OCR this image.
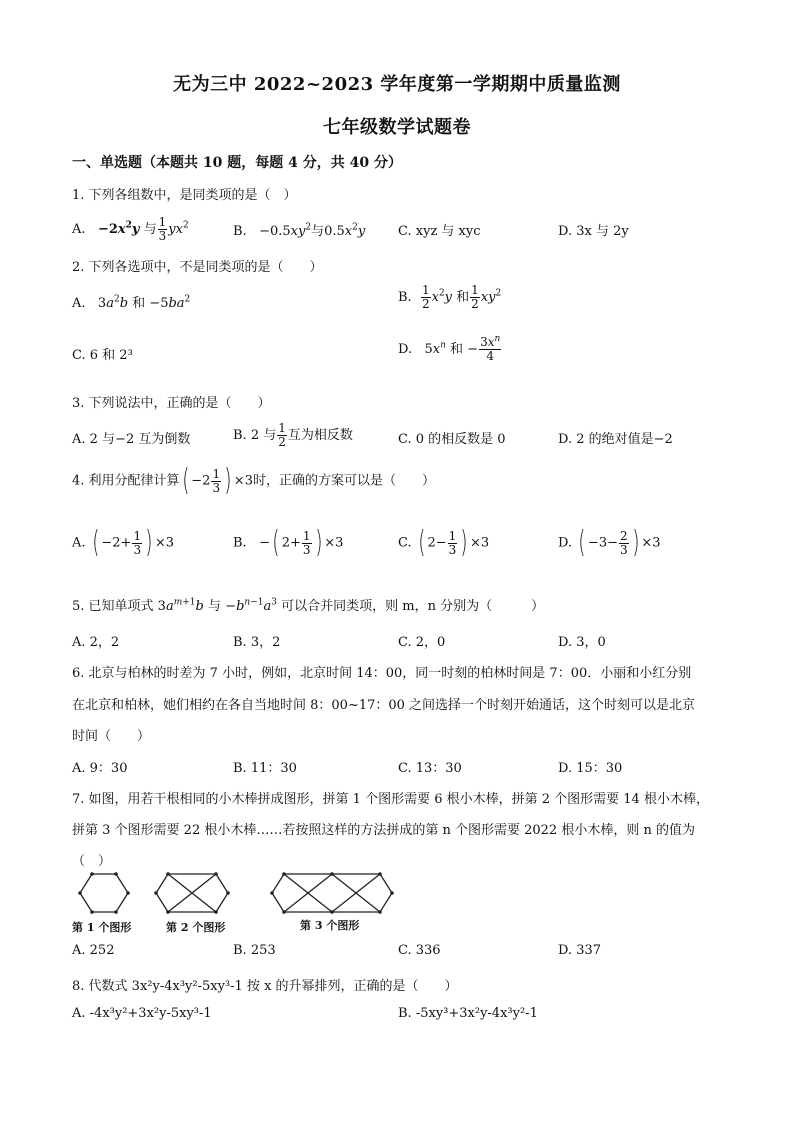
无为三中 2022~2023 学年度第一学期期中质量监测
七年级数学试题卷
一、单选题（本题共 10 题，每题 4 分，共 40 分）
1. 下列各组数中，是同类项的是（　）
A. $-2x^2y$ 与 $\frac{1}{3} yx^2$	B.   $-0.5xy^2$与$0.5x^2y$	C. xyz 与 xyc	D. 3x 与 2y
2. 下列各选项中，不是同类项的是（　　）
A.   $3a^2b$ 和 $-5ba^2$	B. $\frac{1}{2} x^2y$ 和 $\frac{1}{2} xy^2$
C. 6 和 2³	D.   $5x^n$ 和 − $\frac{3x^n}{4}$
3. 下列说法中，正确的是（　　）
A. 2 与−2 互为倒数	B. 2 与 $\frac{1}{2}$ 互为相反数	C. 0 的相反数是 0	D. 2 的绝对值是−2
4. 利用分配律计算( $-2 \frac{1}{3}$ ) ×3时，正确的方案可以是（　　）
A. ( $-2+ \frac{1}{3}$ ) ×3	B.   −( $2+ \frac{1}{3}$ ) ×3	C. ( $2- \frac{1}{3}$ ) ×3	D. ( $-3- \frac{2}{3}$ ) ×3
5. 已知单项式 $3a^{m+1}b$ 与 $-b^{n-1}a^3$ 可以合并同类项，则 m，n 分别为（　　　）
A. 2，2	B. 3，2	C. 2，0	D. 3，0
6. 北京与柏林的时差为 7 小时，例如，北京时间 14：00，同一时刻的柏林时间是 7：00．小丽和小红分别
在北京和柏林，她们相约在各自当地时间 8：00~17：00 之间选择一个时刻开始通话，这个时刻可以是北京
时间（　　）
A. 9：30	B. 11：30	C. 13：30	D. 15：30
7. 如图，用若干根相同的小木棒拼成图形，拼第 1 个图形需要 6 根小木棒，拼第 2 个图形需要 14 根小木棒，
拼第 3 个图形需要 22 根小木棒……若按照这样的方法拼成的第 n 个图形需要 2022 根小木棒，则 n 的值为
（　）
第 1 个图形	第 2 个图形	第 3 个图形
A. 252	B. 253	C. 336	D. 337
8. 代数式 3x²y-4x³y²-5xy³-1 按 x 的升幂排列，正确的是（　　）
A. -4x³y²+3x²y-5xy³-1	B. -5xy³+3x²y-4x³y²-1
